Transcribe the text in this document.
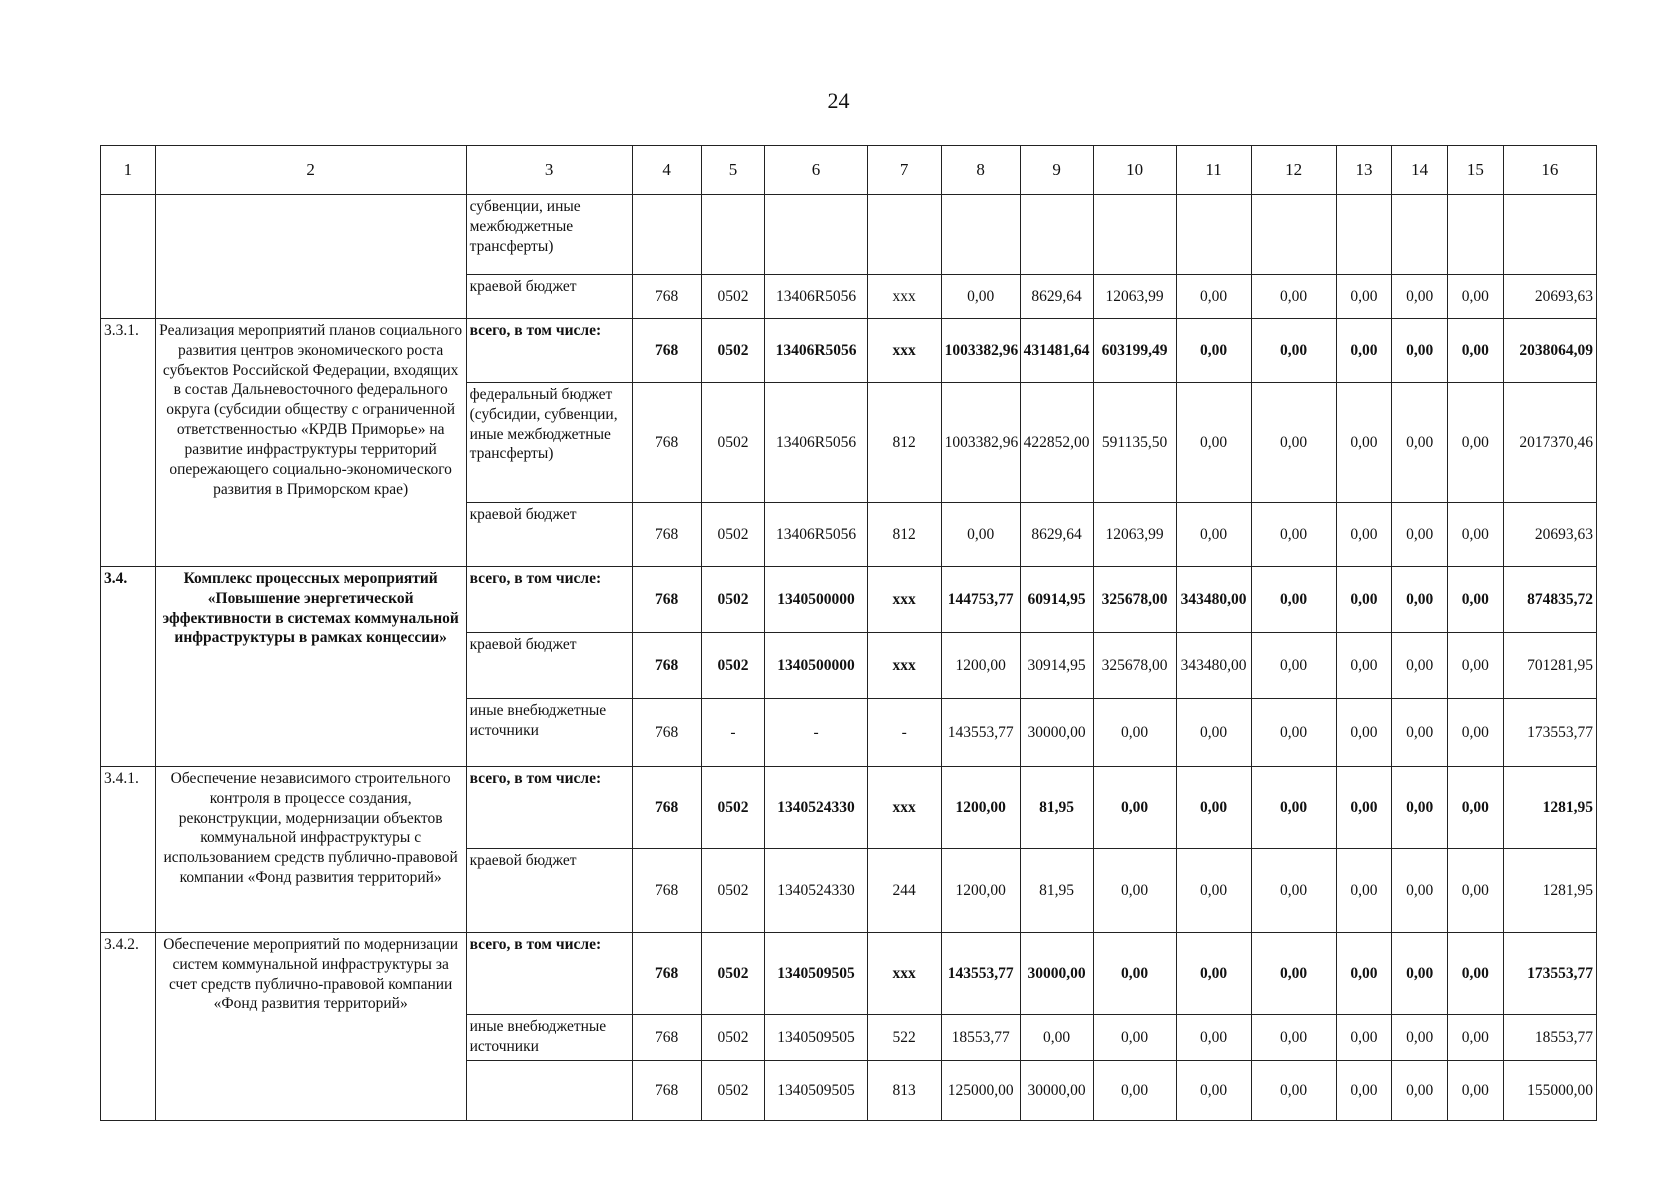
24
1	2	3	4	5	6	7	8	9	10	11	12	13	14	15	16
		субвенции, иные межбюджетные трансферты)													
		краевой бюджет	768	0502	13406R5056	xxx	0,00	8629,64	12063,99	0,00	0,00	0,00	0,00	0,00	20693,63
3.3.1.	Реализация мероприятий планов социального развития центров экономического роста субъектов Российской Федерации, входящих в состав Дальневосточного федерального округа (субсидии обществу с ограниченной ответственностью «КРДВ Приморье» на развитие инфраструктуры территорий опережающего социально-экономического развития в Приморском крае)	всего, в том числе:	768	0502	13406R5056	xxx	1003382,96	431481,64	603199,49	0,00	0,00	0,00	0,00	0,00	2038064,09
		федеральный бюджет (субсидии, субвенции, иные межбюджетные трансферты)	768	0502	13406R5056	812	1003382,96	422852,00	591135,50	0,00	0,00	0,00	0,00	0,00	2017370,46
		краевой бюджет	768	0502	13406R5056	812	0,00	8629,64	12063,99	0,00	0,00	0,00	0,00	0,00	20693,63
3.4.	Комплекс процессных мероприятий «Повышение энергетической эффективности в системах коммунальной инфраструктуры в рамках концессии»	всего, в том числе:	768	0502	1340500000	xxx	144753,77	60914,95	325678,00	343480,00	0,00	0,00	0,00	0,00	874835,72
		краевой бюджет	768	0502	1340500000	xxx	1200,00	30914,95	325678,00	343480,00	0,00	0,00	0,00	0,00	701281,95
		иные внебюджетные источники	768	-	-	-	143553,77	30000,00	0,00	0,00	0,00	0,00	0,00	0,00	173553,77
3.4.1.	Обеспечение независимого строительного контроля в процессе создания, реконструкции, модернизации объектов коммунальной инфраструктуры с использованием средств публично-правовой компании «Фонд развития территорий»	всего, в том числе:	768	0502	1340524330	xxx	1200,00	81,95	0,00	0,00	0,00	0,00	0,00	0,00	1281,95
		краевой бюджет	768	0502	1340524330	244	1200,00	81,95	0,00	0,00	0,00	0,00	0,00	0,00	1281,95
3.4.2.	Обеспечение мероприятий по модернизации систем коммунальной инфраструктуры за счет средств публично-правовой компании «Фонд развития территорий»	всего, в том числе:	768	0502	1340509505	xxx	143553,77	30000,00	0,00	0,00	0,00	0,00	0,00	0,00	173553,77
		иные внебюджетные источники	768	0502	1340509505	522	18553,77	0,00	0,00	0,00	0,00	0,00	0,00	0,00	18553,77
			768	0502	1340509505	813	125000,00	30000,00	0,00	0,00	0,00	0,00	0,00	0,00	155000,00
